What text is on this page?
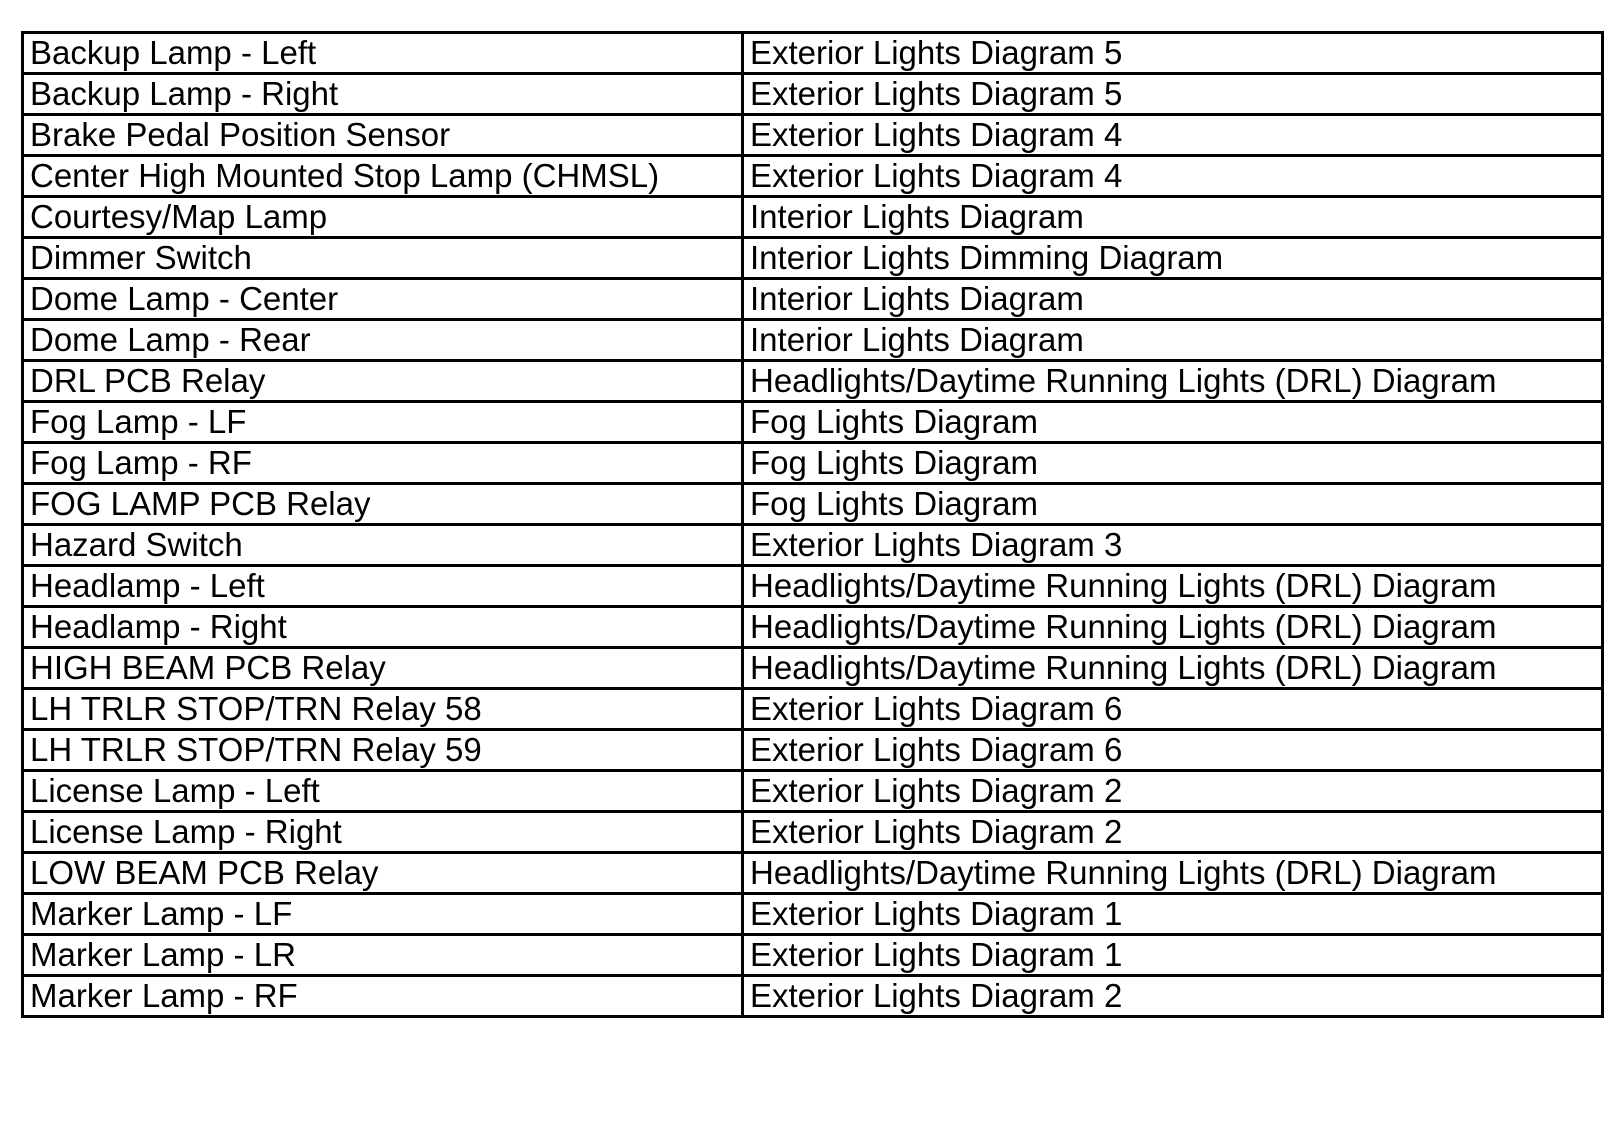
Backup Lamp - Left	Exterior Lights Diagram 5
Backup Lamp - Right	Exterior Lights Diagram 5
Brake Pedal Position Sensor	Exterior Lights Diagram 4
Center High Mounted Stop Lamp (CHMSL)	Exterior Lights Diagram 4
Courtesy/Map Lamp	Interior Lights Diagram
Dimmer Switch	Interior Lights Dimming Diagram
Dome Lamp - Center	Interior Lights Diagram
Dome Lamp - Rear	Interior Lights Diagram
DRL PCB Relay	Headlights/Daytime Running Lights (DRL) Diagram
Fog Lamp - LF	Fog Lights Diagram
Fog Lamp - RF	Fog Lights Diagram
FOG LAMP PCB Relay	Fog Lights Diagram
Hazard Switch	Exterior Lights Diagram 3
Headlamp - Left	Headlights/Daytime Running Lights (DRL) Diagram
Headlamp - Right	Headlights/Daytime Running Lights (DRL) Diagram
HIGH BEAM PCB Relay	Headlights/Daytime Running Lights (DRL) Diagram
LH TRLR STOP/TRN Relay 58	Exterior Lights Diagram 6
LH TRLR STOP/TRN Relay 59	Exterior Lights Diagram 6
License Lamp - Left	Exterior Lights Diagram 2
License Lamp - Right	Exterior Lights Diagram 2
LOW BEAM PCB Relay	Headlights/Daytime Running Lights (DRL) Diagram
Marker Lamp - LF	Exterior Lights Diagram 1
Marker Lamp - LR	Exterior Lights Diagram 1
Marker Lamp - RF	Exterior Lights Diagram 2
